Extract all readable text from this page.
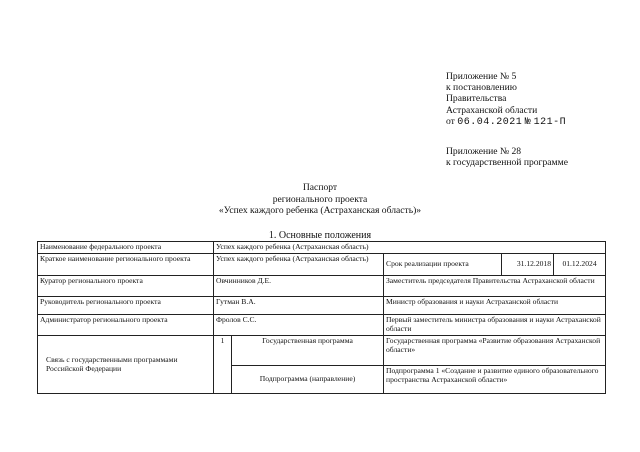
Приложение № 5
к постановлению
Правительства
Астраханской области
от 06.04.2021 № 121-П
Приложение № 28
к государственной программе
Паспорт
регионального проекта
«Успех каждого ребенка (Астраханская область)»
1. Основные положения
Наименование федерального проекта	Успех каждого ребенка (Астраханская область)				
Краткое наименование регионального проекта	Успех каждого ребенка (Астраханская область)		Срок реализации проекта	31.12.2018	01.12.2024
Куратор регионального проекта	Овчинников Д.Е.		Заместитель председателя Правительства Астраханской области		
Руководитель регионального проекта	Гутман В.А.		Министр образования и науки Астраханской области		
Администратор регионального проекта	Фролов С.С.		Первый заместитель министра образования и науки Астраханской области		
Связь с государственными программами Российской Федерации	1	Государственная программа	Государственная программа «Развитие образования Астраханской области»		
		Подпрограмма (направление)	Подпрограмма 1 «Создание и развитие единого образовательного пространства Астраханской области»		
